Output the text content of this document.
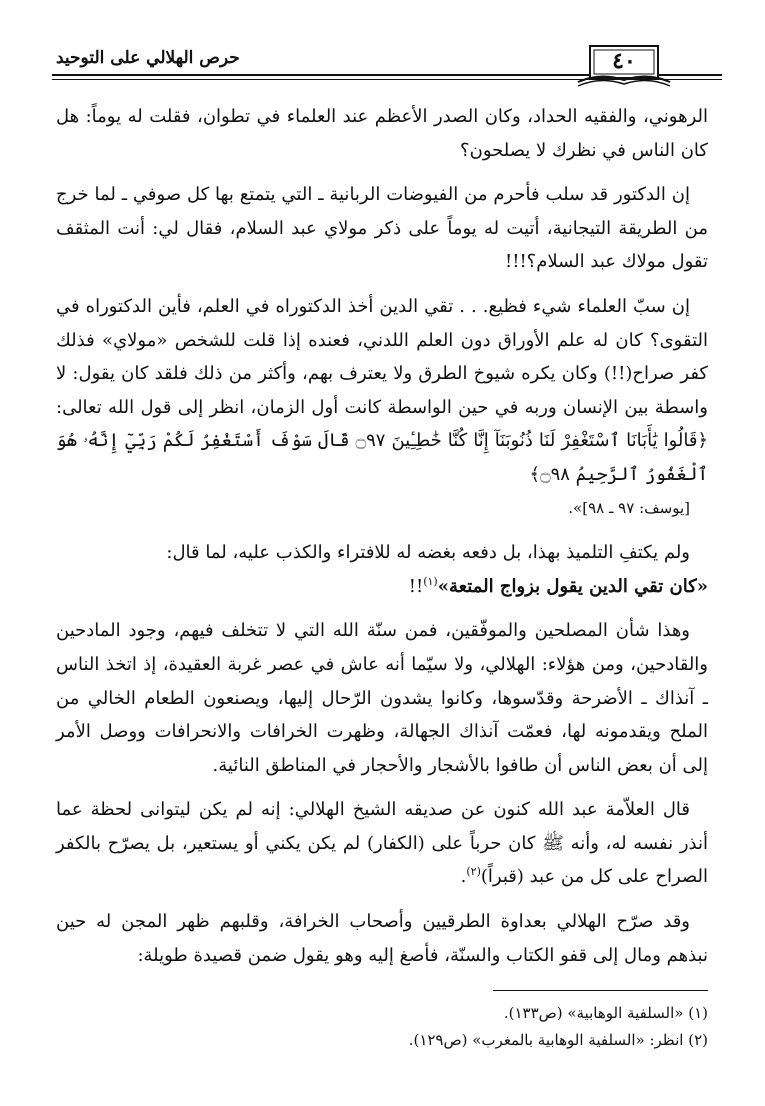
حرص الهلالي على التوحيد	٤٠

الرهوني، والفقيه الحداد، وكان الصدر الأعظم عند العلماء في تطوان، فقلت له يوماً: هل كان الناس في نظرك لا يصلحون؟

إن الدكتور قد سلب فأحرم من الفيوضات الربانية ـ التي يتمتع بها كل صوفي ـ لما خرج من الطريقة التيجانية، أتيت له يوماً على ذكر مولاي عبد السلام، فقال لي: أنت المثقف تقول مولاك عبد السلام؟!!!

إن سبّ العلماء شيء فظيع. . . تقي الدين أخذ الدكتوراه في العلم، فأين الدكتوراه في التقوى؟ كان له علم الأوراق دون العلم اللدني، فعنده إذا قلت للشخص «مولاي» فذلك كفر صراح(!!) وكان يكره شيوخ الطرق ولا يعترف بهم، وأكثر من ذلك فلقد كان يقول: لا واسطة بين الإنسان وربه في حين الواسطة كانت أول الزمان، انظر إلى قول الله تعالى: ﴿قَالُوا يَٰأَبَانَا ٱسْتَغْفِرْ لَنَا ذُنُوبَنَآ إِنَّا كُنَّا خَٰطِـِٔينَ ۝٩٧ قَالَ سَوْفَ أَسْتَغْفِرُ لَكُمْ رَبِّيٓ إِنَّهُۥ هُوَ ٱلْغَفُورُ ٱلرَّحِيمُ ۝٩٨﴾
[يوسف: ٩٧ ـ ٩٨]».

ولم يكتفِ التلميذ بهذا، بل دفعه بغضه له للافتراء والكذب عليه، لما قال:
«كان تقي الدين يقول بزواج المتعة»$^{(١)}$!!

وهذا شأن المصلحين والموفّقين، فمن سنّة الله التي لا تتخلف فيهم، وجود المادحين والقادحين، ومن هؤلاء: الهلالي، ولا سيّما أنه عاش في عصر غربة العقيدة، إذ اتخذ الناس ـ آنذاك ـ الأضرحة وقدّسوها، وكانوا يشدون الرّحال إليها، ويصنعون الطعام الخالي من الملح ويقدمونه لها، فعمّت آنذاك الجهالة، وظهرت الخرافات والانحرافات ووصل الأمر إلى أن بعض الناس أن طافوا بالأشجار والأحجار في المناطق النائية.

قال العلاّمة عبد الله كنون عن صديقه الشيخ الهلالي: إنه لم يكن ليتوانى لحظة عما أنذر نفسه له، وأنه ﷺ كان حرباً على (الكفار) لم يكن يكني أو يستعير، بل يصرّح بالكفر الصراح على كل من عبد (قبراً)$^{(٢)}$.

وقد صرّح الهلالي بعداوة الطرقيين وأصحاب الخرافة، وقلبهم ظهر المجن له حين نبذهم ومال إلى قفو الكتاب والسنّة، فأصغ إليه وهو يقول ضمن قصيدة طويلة:

(١) «السلفية الوهابية» (ص١٣٣).
(٢) انظر: «السلفية الوهابية بالمغرب» (ص١٢٩).
